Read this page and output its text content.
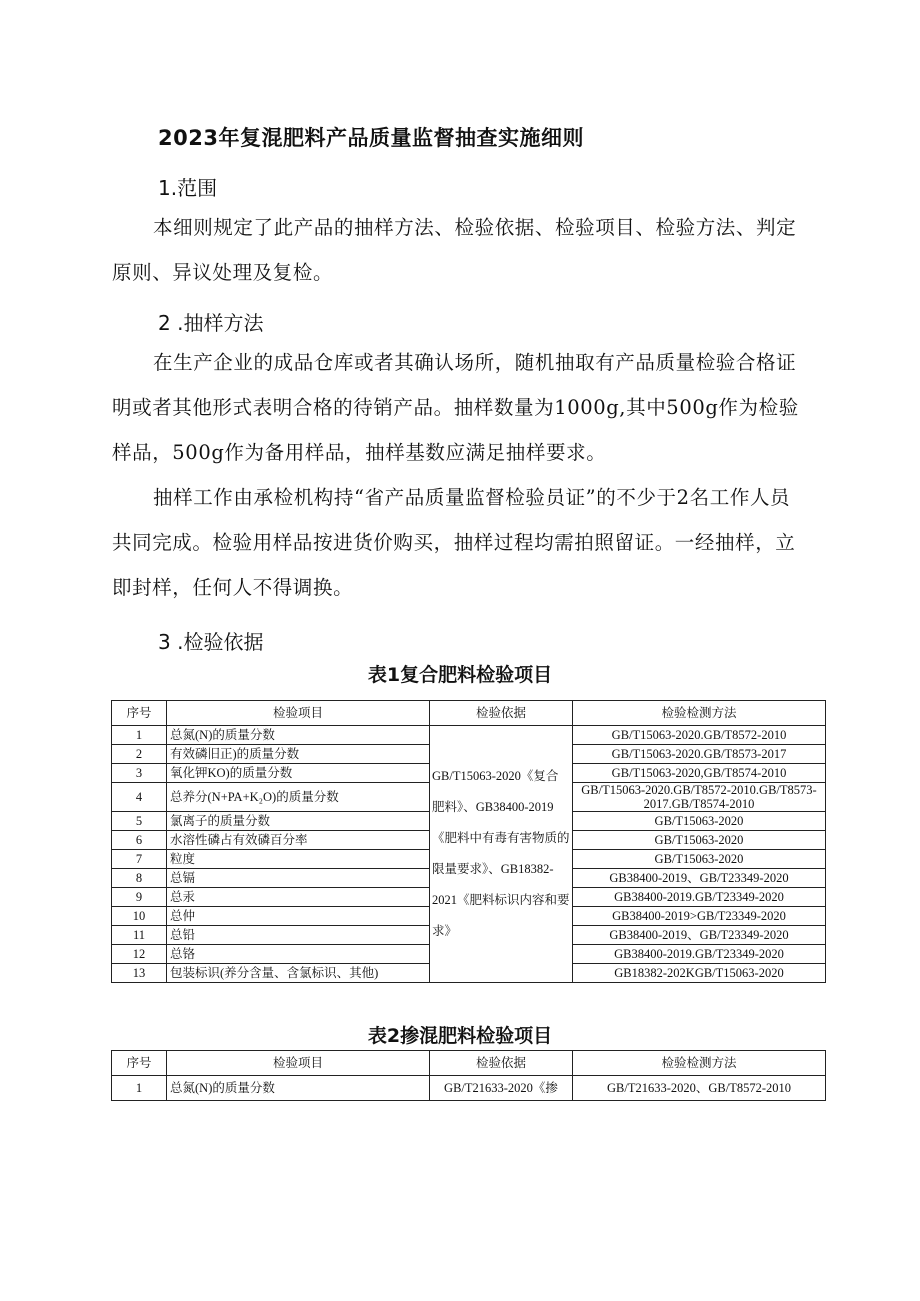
2023年复混肥料产品质量监督抽查实施细则
1.范围

本细则规定了此产品的抽样方法、检验依据、检验项目、检验方法、判定原则、异议处理及复检。

2 .抽样方法

在生产企业的成品仓库或者其确认场所，随机抽取有产品质量检验合格证明或者其他形式表明合格的待销产品。抽样数量为1000g,其中500g作为检验样品，500g作为备用样品，抽样基数应满足抽样要求。

抽样工作由承检机构持“省产品质量监督检验员证”的不少于2名工作人员共同完成。检验用样品按进货价购买，抽样过程均需拍照留证。一经抽样，立即封样，任何人不得调换。

3 .检验依据
表1复合肥料检验项目
序号	检验项目	检验依据	检验检测方法
1	总氮(N)的质量分数	GB/T15063-2020《复合肥料》、GB38400-2019《肥料中有毒有害物质的限量要求》、GB18382-2021《肥料标识内容和要求》	GB/T15063-2020.GB/T8572-2010
2	有效磷旧正)的质量分数		GB/T15063-2020.GB/T8573-2017
3	氧化钾KO)的质量分数		GB/T15063-2020,GB/T8574-2010
4	总养分(N+PA+K₂O)的质量分数		GB/T15063-2020.GB/T8572-2010.GB/T8573-2017.GB/T8574-2010
5	氯离子的质量分数		GB/T15063-2020
6	水溶性磷占有效磷百分率		GB/T15063-2020
7	粒度		GB/T15063-2020
8	总镉		GB38400-2019、GB/T23349-2020
9	总汞		GB38400-2019.GB/T23349-2020
10	总仲		GB38400-2019>GB/T23349-2020
11	总铅		GB38400-2019、GB/T23349-2020
12	总铬		GB38400-2019.GB/T23349-2020
13	包装标识(养分含量、含氯标识、其他)		GB18382-202KGB/T15063-2020
表2掺混肥料检验项目
序号	检验项目	检验依据	检验检测方法
1	总氮(N)的质量分数	GB/T21633-2020《掺	GB/T21633-2020、GB/T8572-2010
